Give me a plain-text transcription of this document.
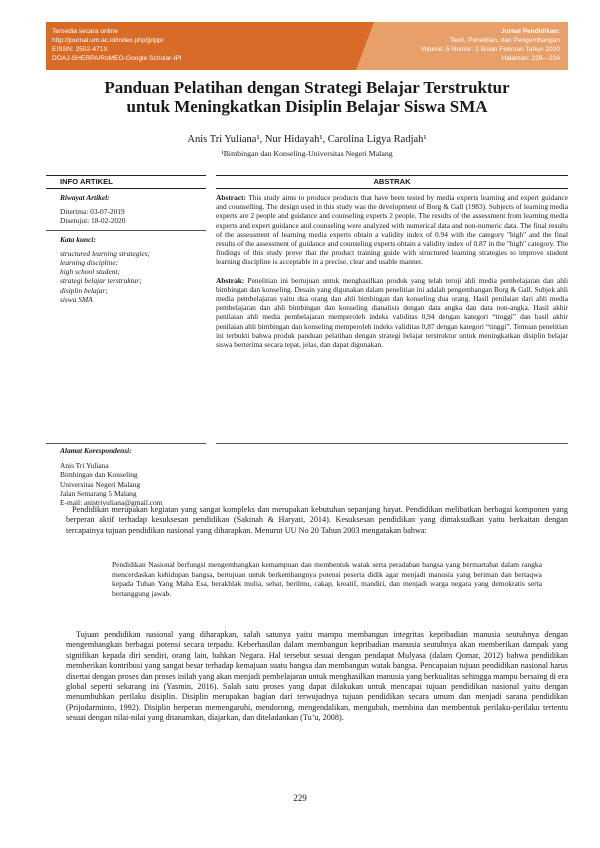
Tersedia secara online
http://journal.um.ac.id/index.php/jptpp/
EISSN: 2502-471X
DOAJ-SHERPA/RoMEO-Google Scholar-IPI
Jurnal Pendidikan:
Teori, Penelitian, dan Pengembangan
Volume: 5 Nomor: 2 Bulan Februari Tahun 2020
Halaman: 229—234
Panduan Pelatihan dengan Strategi Belajar Terstruktur
untuk Meningkatkan Disiplin Belajar Siswa SMA
Anis Tri Yuliana¹, Nur Hidayah¹, Carolina Ligya Radjah¹
¹Bimbingan dan Konseling-Universitas Negeri Malang
INFO ARTIKEL	ABSTRAK
Riwayat Artikel:
Diterima: 03-07-2019
Disetujui: 18-02-2020
Kata kunci:
structured learning strategies;
learning discipline;
high school student;
strategi belajar terstruktur;
disiplin belajar;
siswa SMA
Alamat Korespondensi:
Anis Tri Yuliana
Bimbingan dan Konseling
Universitas Negeri Malang
Jalan Semarang 5 Malang
E-mail: anistriyuliana@gmail.com

Abstract: This study aims to produce products that have been tested by media experts learning and expert guidance and counselling. The design used in this study was the development of Borg & Gall (1983). Subjects of learning media experts are 2 people and guidance and counseling experts 2 people. The results of the assessment from learning media experts and expert guidance and counseling were analyzed with numerical data and non-numeric data. The final results of the assessment of learning media experts obtain a validity index of 0.94 with the category "high" and the final results of the assessment of guidance and counseling experts obtain a validity index of 0.87 in the "high" category. The findings of this study prove that the product training guide with structured learning strategies to improve student learning discipline is acceptable in a precise, clear and usable manner.

Abstrak: Penelitian ini bertujuan untuk menghasilkan produk yang telah teruji ahli media pembelajaran dan ahli bimbingan dan konseling. Desain yang digunakan dalam penelitian ini adalah pengembangan Borg & Gall. Subjek ahli media pembelajaran yaitu dua orang dan ahli bimbingan dan konseling dua orang. Hasil penilaian dari ahli media pembelajaran dan ahli bimbingan dan konseling dianalisis dengan data angka dan data non-angka. Hasil akhir penilaian ahli media pembelajaran memperoleh indeks validitas 0,94 dengan kategori “tinggi” dan hasil akhir penilaian ahli bimbingan dan konseling memperoleh indeks validitas 0,87 dengan kategori “tinggi”. Temuan penelitian ini terbukti bahwa produk panduan pelatihan dengan strategi belajar terstruktur untuk meningkatkan disiplin belajar siswa berterima secara tepat, jelas, dan dapat digunakan.

Pendidikan merupakan kegiatan yang sangat kompleks dan merupakan kebutuhan sepanjang hayat. Pendidikan melibatkan berbagai komponen yang berperan aktif terhadap kesuksesan pendidikan (Sakinah & Haryati, 2014). Kesuksesan pendidikan yang dimaksudkan yaitu berkaitan dengan tercapainya tujuan pendidikan nasional yang diharapkan. Menurut UU No 20 Tahun 2003 mengatakan bahwa:
Pendidikan Nasional berfungsi mengembangkan kemampuan dan membentuk watak serta peradaban bangsa yang bermartabat dalam rangka mencerdaskan kehidupan bangsa, bertujuan untuk berkembangnya potensi peserta didik agar menjadi manusia yang beriman dan bertaqwa kepada Tuhan Yang Maha Esa, berakhlak mulia, sehat, berilmu, cakap, kreatif, mandiri, dan menjadi warga negara yang demokratis serta bertanggung jawab.
Tujuan pendidikan nasional yang diharapkan, salah satunya yaitu mampu membangun integritas kepribadian manusia seutuhnya dengan mengembangkan berbagai potensi secara terpadu. Keberhasilan dalam membangun kepribadian manusia seutuhnya akan memberikan dampak yang signifikan kepada diri sendiri, orang lain, bahkan Negara. Hal tersebut sesuai dengan pendapat Mulyasa (dalam Qomar, 2012) bahwa pendidikan memberikan kontribusi yang sangat besar terhadap kemajuan suatu bangsa dan membangun watak bangsa. Pencapaian tujuan pendidikan nasional harus disertai dengan proses dan proses inilah yang akan menjadi pembelajaran untuk menghasilkan manusia yang berkualitas sehingga mampu bersaing di era global seperti sekarang ini (Yasmin, 2016). Salah satu proses yang dapat dilakukan untuk mencapai tujuan pendidikan nasional yaitu dengan menumbuhkan perilaku disiplin. Disiplin merupakan bagian dari terwujudnya tujuan pendidikan secara umum dan menjadi sarana pendidikan (Prijodarminto, 1992). Disiplin berperan memengaruhi, mendorong, mengendalikan, mengubah, membina dan membentuk perilaku-perilaku tertentu sesuai dengan nilai-nilai yang ditanamkan, diajarkan, dan diteladankan (Tu’u, 2008).
229
